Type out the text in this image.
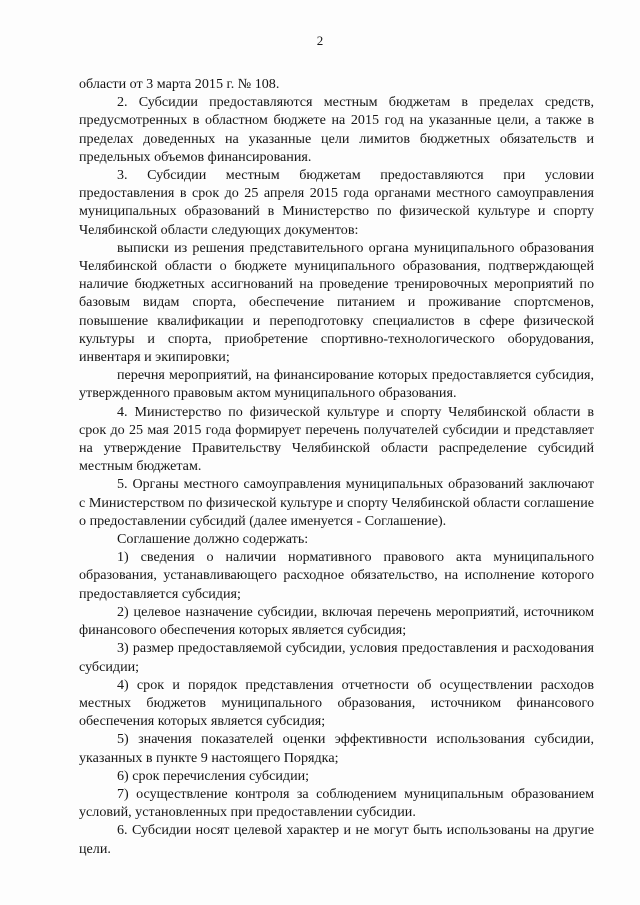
2

области от 3 марта 2015 г. № 108.

2. Субсидии предоставляются местным бюджетам в пределах средств, предусмотренных в областном бюджете на 2015 год на указанные цели, а также в пределах доведенных на указанные цели лимитов бюджетных обязательств и предельных объемов финансирования.

3. Субсидии местным бюджетам предоставляются при условии предоставления в срок до 25 апреля 2015 года органами местного самоуправления муниципальных образований в Министерство по физической культуре и спорту Челябинской области следующих документов:

выписки из решения представительного органа муниципального образования Челябинской области о бюджете муниципального образования, подтверждающей наличие бюджетных ассигнований на проведение тренировочных мероприятий по базовым видам спорта, обеспечение питанием и проживание спортсменов, повышение квалификации и переподготовку специалистов в сфере физической культуры и спорта, приобретение спортивно-технологического оборудования, инвентаря и экипировки;

перечня мероприятий, на финансирование которых предоставляется субсидия, утвержденного правовым актом муниципального образования.

4. Министерство по физической культуре и спорту Челябинской области в срок до 25 мая 2015 года формирует перечень получателей субсидии и представляет на утверждение Правительству Челябинской области распределение субсидий местным бюджетам.

5. Органы местного самоуправления муниципальных образований заключают с Министерством по физической культуре и спорту Челябинской области соглашение о предоставлении субсидий (далее именуется - Соглашение).

Соглашение должно содержать:

1) сведения о наличии нормативного правового акта муниципального образования, устанавливающего расходное обязательство, на исполнение которого предоставляется субсидия;

2) целевое назначение субсидии, включая перечень мероприятий, источником финансового обеспечения которых является субсидия;

3) размер предоставляемой субсидии, условия предоставления и расходования субсидии;

4) срок и порядок представления отчетности об осуществлении расходов местных бюджетов муниципального образования, источником финансового обеспечения которых является субсидия;

5) значения показателей оценки эффективности использования субсидии, указанных в пункте 9 настоящего Порядка;

6) срок перечисления субсидии;

7) осуществление контроля за соблюдением муниципальным образованием условий, установленных при предоставлении субсидии.

6. Субсидии носят целевой характер и не могут быть использованы на другие цели.
